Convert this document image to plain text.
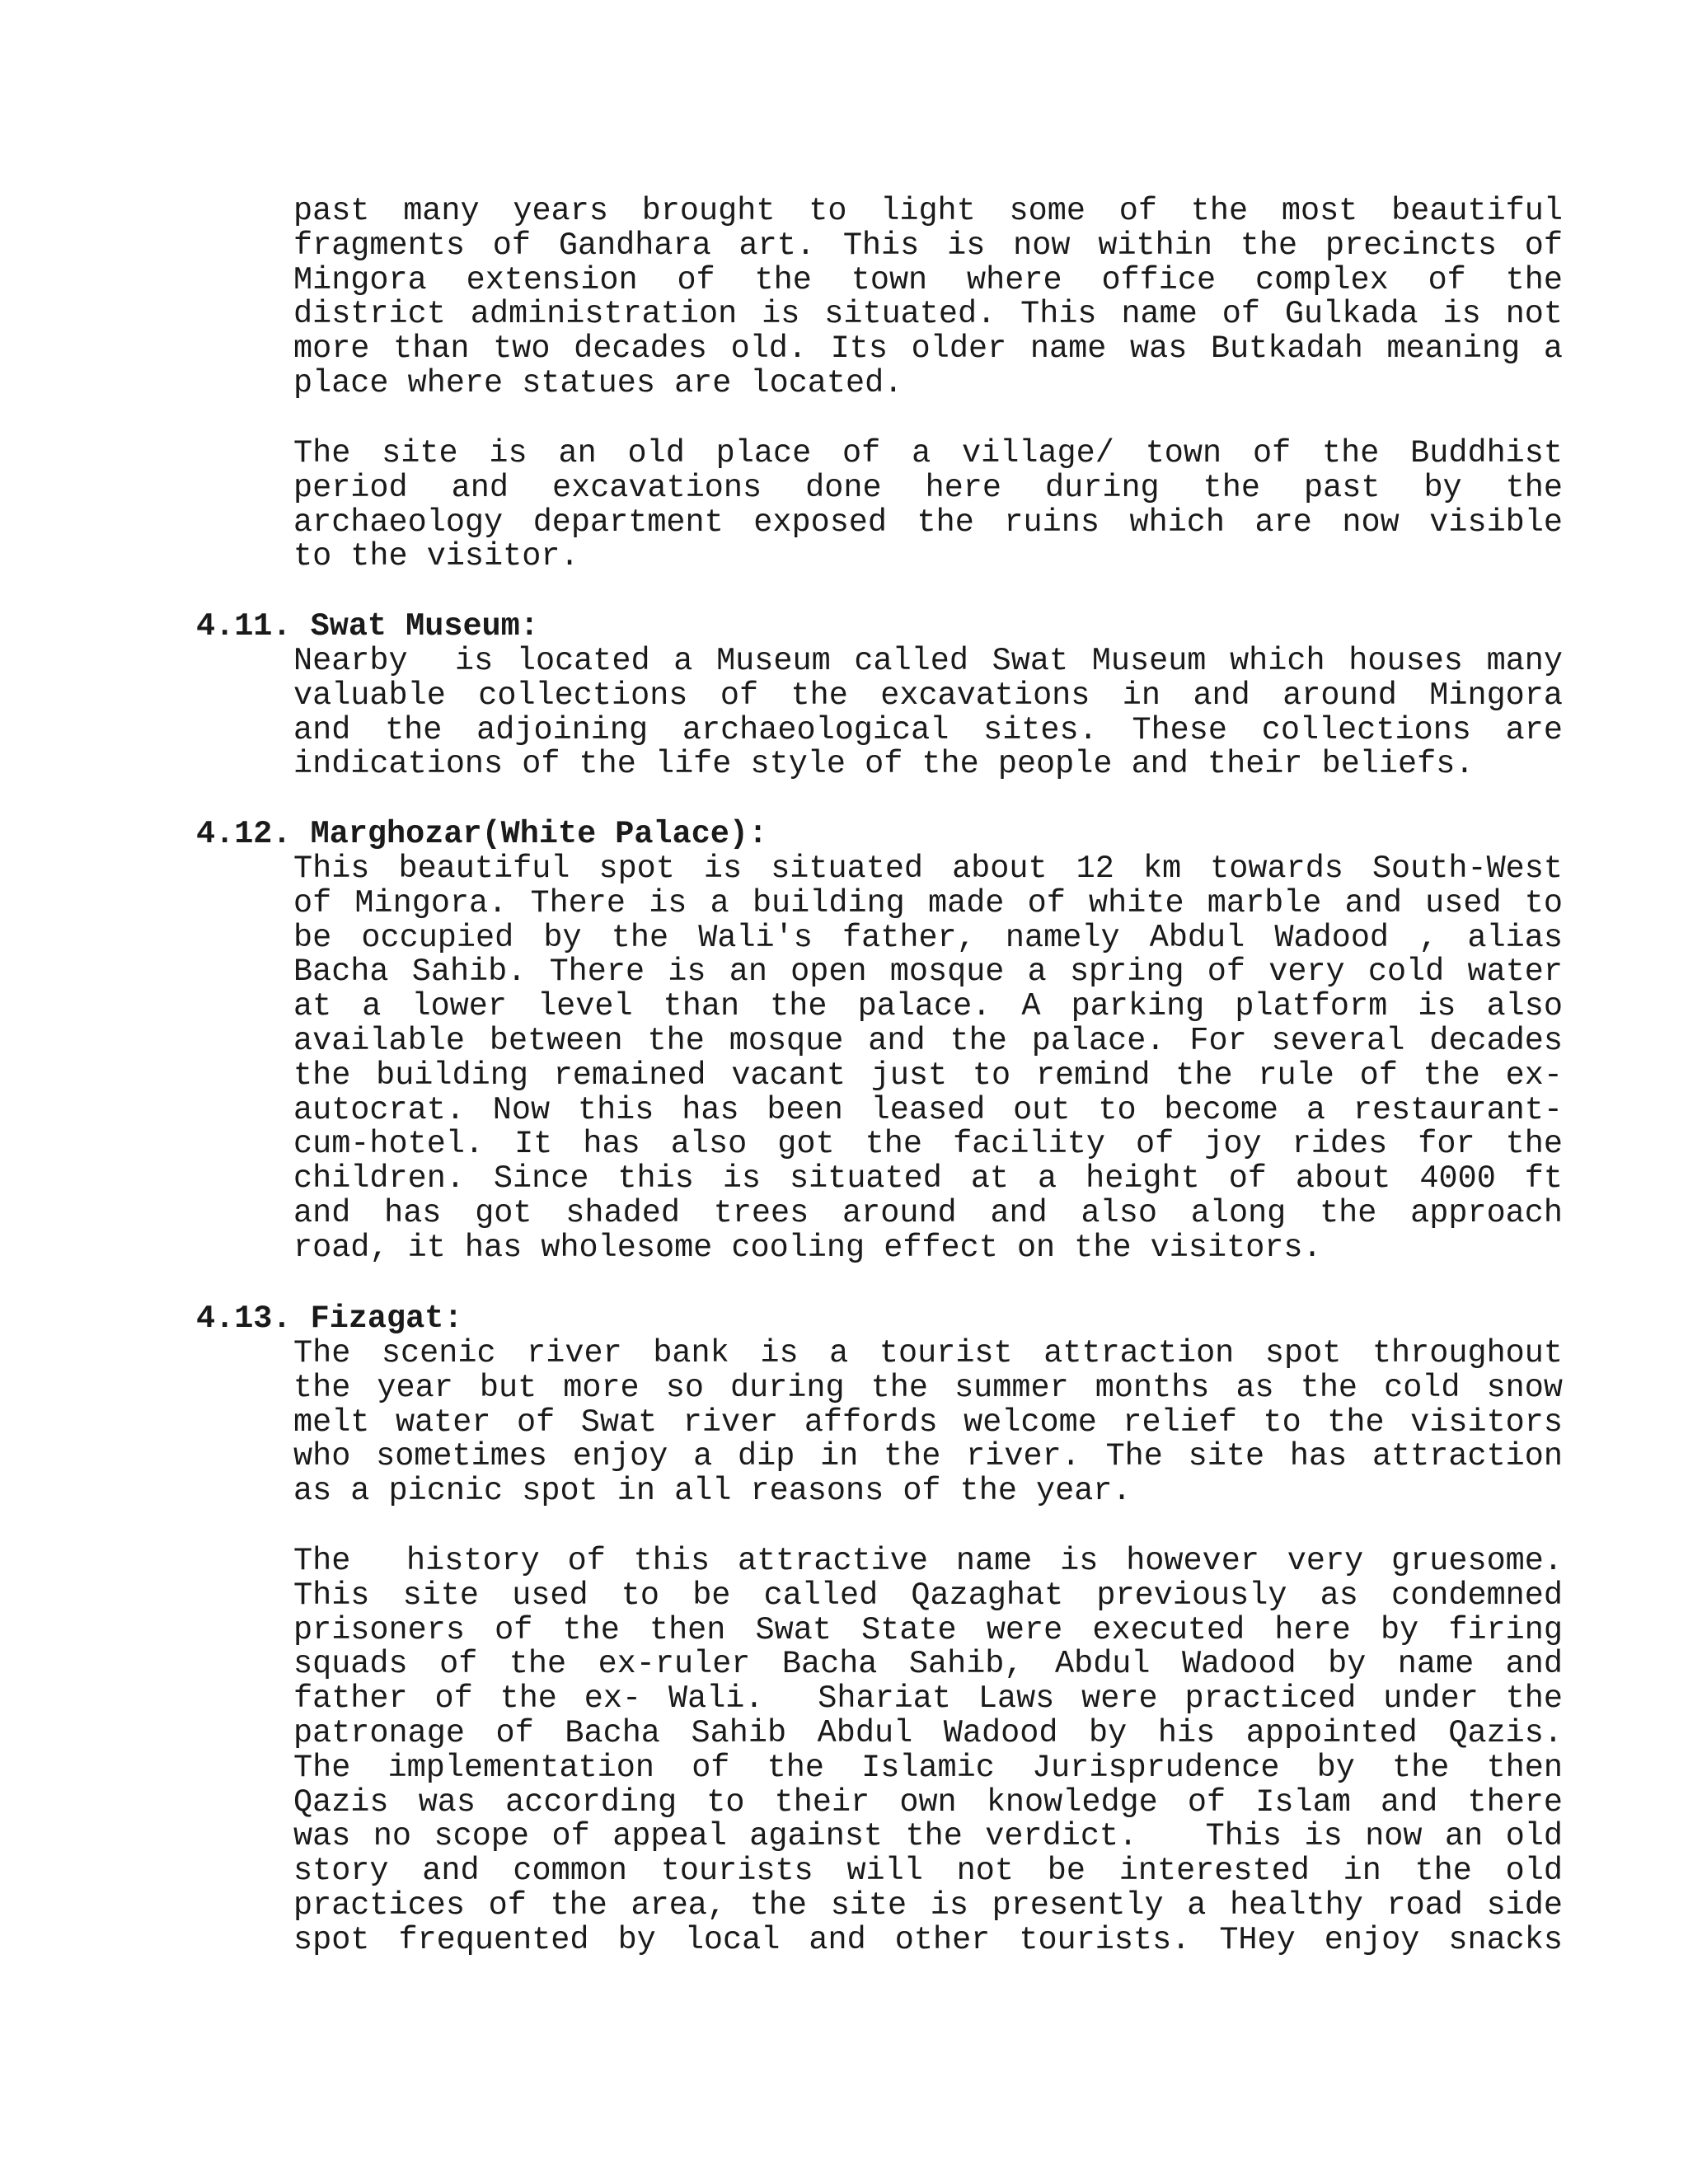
past many years brought to light some of the most beautiful
fragments of Gandhara art. This is now within the precincts of
Mingora extension of the town where office complex of the
district administration is situated. This name of Gulkada is not
more than two decades old. Its older name was Butkadah meaning a
place where statues are located.
The site is an old place of a village/ town of the Buddhist
period and excavations done here during the past by the
archaeology department exposed the ruins which are now visible
to the visitor.
4.11. Swat Museum:
Nearby  is located a Museum called Swat Museum which houses many
valuable collections of the excavations in and around Mingora
and the adjoining archaeological sites. These collections are
indications of the life style of the people and their beliefs.
4.12. Marghozar(White Palace):
This beautiful spot is situated about 12 km towards South-West
of Mingora. There is a building made of white marble and used to
be occupied by the Wali's father, namely Abdul Wadood , alias
Bacha Sahib. There is an open mosque a spring of very cold water
at a lower level than the palace. A parking platform is also
available between the mosque and the palace. For several decades
the building remained vacant just to remind the rule of the ex-
autocrat. Now this has been leased out to become a restaurant-
cum-hotel. It has also got the facility of joy rides for the
children. Since this is situated at a height of about 4000 ft
and has got shaded trees around and also along the approach
road, it has wholesome cooling effect on the visitors.
4.13. Fizagat:
The scenic river bank is a tourist attraction spot throughout
the year but more so during the summer months as the cold snow
melt water of Swat river affords welcome relief to the visitors
who sometimes enjoy a dip in the river. The site has attraction
as a picnic spot in all reasons of the year.
The  history of this attractive name is however very gruesome.
This site used to be called Qazaghat previously as condemned
prisoners of the then Swat State were executed here by firing
squads of the ex-ruler Bacha Sahib, Abdul Wadood by name and
father of the ex- Wali.  Shariat Laws were practiced under the
patronage of Bacha Sahib Abdul Wadood by his appointed Qazis.
The implementation of the Islamic Jurisprudence by the then
Qazis was according to their own knowledge of Islam and there
was no scope of appeal against the verdict.   This is now an old
story and common tourists will not be interested in the old
practices of the area, the site is presently a healthy road side
spot frequented by local and other tourists. THey enjoy snacks
